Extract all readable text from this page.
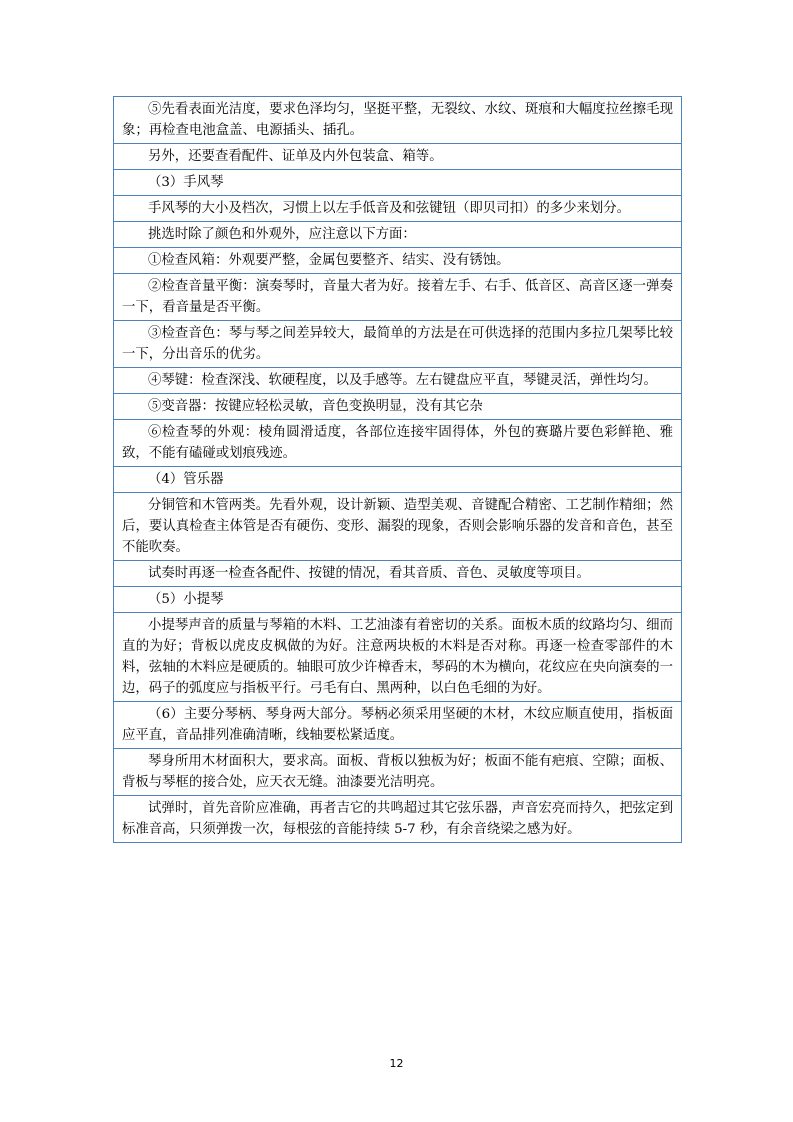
⑤先看表面光洁度，要求色泽均匀，坚挺平整，无裂纹、水纹、斑痕和大幅度拉丝擦毛现象；再检查电池盒盖、电源插头、插孔。
另外，还要查看配件、证单及内外包装盒、箱等。
（3）手风琴
手风琴的大小及档次，习惯上以左手低音及和弦键钮（即贝司扣）的多少来划分。
挑选时除了颜色和外观外，应注意以下方面：
①检查风箱：外观要严整，金属包要整齐、结实、没有锈蚀。
②检查音量平衡：演奏琴时，音量大者为好。接着左手、右手、低音区、高音区逐一弹奏一下，看音量是否平衡。
③检查音色：琴与琴之间差异较大，最简单的方法是在可供选择的范围内多拉几架琴比较一下，分出音乐的优劣。
④琴键：检查深浅、软硬程度，以及手感等。左右键盘应平直，琴键灵活，弹性均匀。
⑤变音器：按键应轻松灵敏，音色变换明显，没有其它杂
⑥检查琴的外观：棱角圆滑适度，各部位连接牢固得体，外包的赛璐片要色彩鲜艳、雅致，不能有磕碰或划痕残迹。
（4）管乐器
分铜管和木管两类。先看外观，设计新颖、造型美观、音键配合精密、工艺制作精细；然后，要认真检查主体管是否有硬伤、变形、漏裂的现象，否则会影响乐器的发音和音色，甚至不能吹奏。
试奏时再逐一检查各配件、按键的情况，看其音质、音色、灵敏度等项目。
（5）小提琴
小提琴声音的质量与琴箱的木料、工艺油漆有着密切的关系。面板木质的纹路均匀、细而直的为好；背板以虎皮皮枫做的为好。注意两块板的木料是否对称。再逐一检查零部件的木料，弦轴的木料应是硬质的。轴眼可放少许樟香末，琴码的木为横向，花纹应在央向演奏的一边，码子的弧度应与指板平行。弓毛有白、黑两种，以白色毛细的为好。
（6）主要分琴柄、琴身两大部分。琴柄必须采用坚硬的木材，木纹应顺直使用，指板面应平直，音品排列准确清晰，线轴要松紧适度。
琴身所用木材面积大，要求高。面板、背板以独板为好；板面不能有疤痕、空隙；面板、背板与琴框的接合处，应天衣无缝。油漆要光洁明亮。
试弹时，首先音阶应准确，再者吉它的共鸣超过其它弦乐器，声音宏亮而持久，把弦定到标准音高，只须弹拨一次，每根弦的音能持续 5-7 秒，有余音绕梁之感为好。
12
